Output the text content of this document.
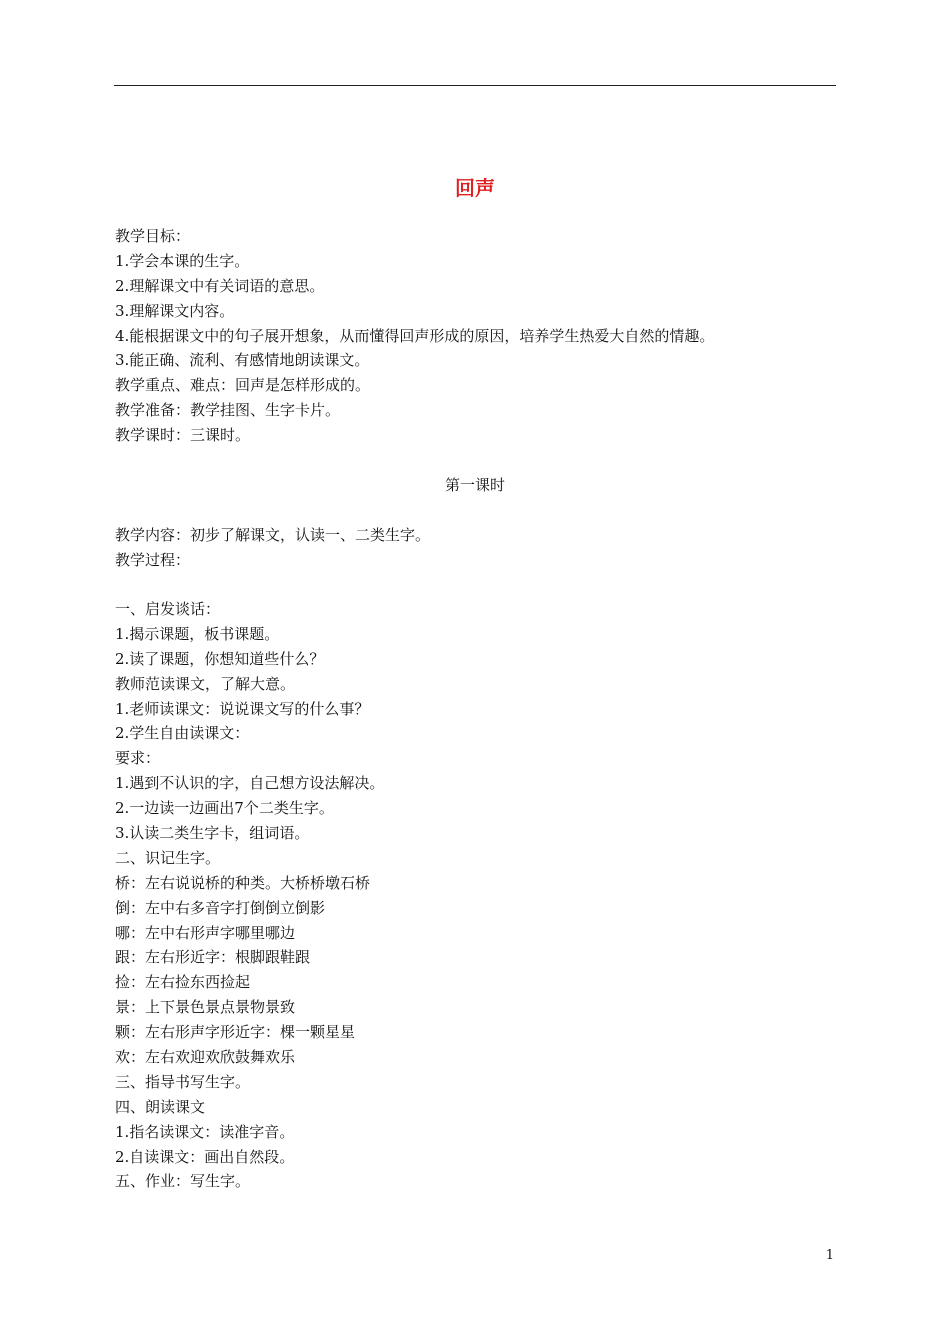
回声
教学目标：
1.学会本课的生字。
2.理解课文中有关词语的意思。
3.理解课文内容。
4.能根据课文中的句子展开想象，从而懂得回声形成的原因，培养学生热爱大自然的情趣。
3.能正确、流利、有感情地朗读课文。
教学重点、难点：回声是怎样形成的。
教学准备：教学挂图、生字卡片。
教学课时：三课时。
第一课时
教学内容：初步了解课文，认读一、二类生字。
教学过程：
一、启发谈话：
1.揭示课题，板书课题。
2.读了课题，你想知道些什么？
教师范读课文，了解大意。
1.老师读课文：说说课文写的什么事？
2.学生自由读课文：
要求：
1.遇到不认识的字，自己想方设法解决。
2.一边读一边画出7个二类生字。
3.认读二类生字卡，组词语。
二、识记生字。
桥：左右说说桥的种类。大桥桥墩石桥
倒：左中右多音字打倒倒立倒影
哪：左中右形声字哪里哪边
跟：左右形近字：根脚跟鞋跟
捡：左右捡东西捡起
景：上下景色景点景物景致
颗：左右形声字形近字：棵一颗星星
欢：左右欢迎欢欣鼓舞欢乐
三、指导书写生字。
四、朗读课文
1.指名读课文：读准字音。
2.自读课文：画出自然段。
五、作业：写生字。
1
